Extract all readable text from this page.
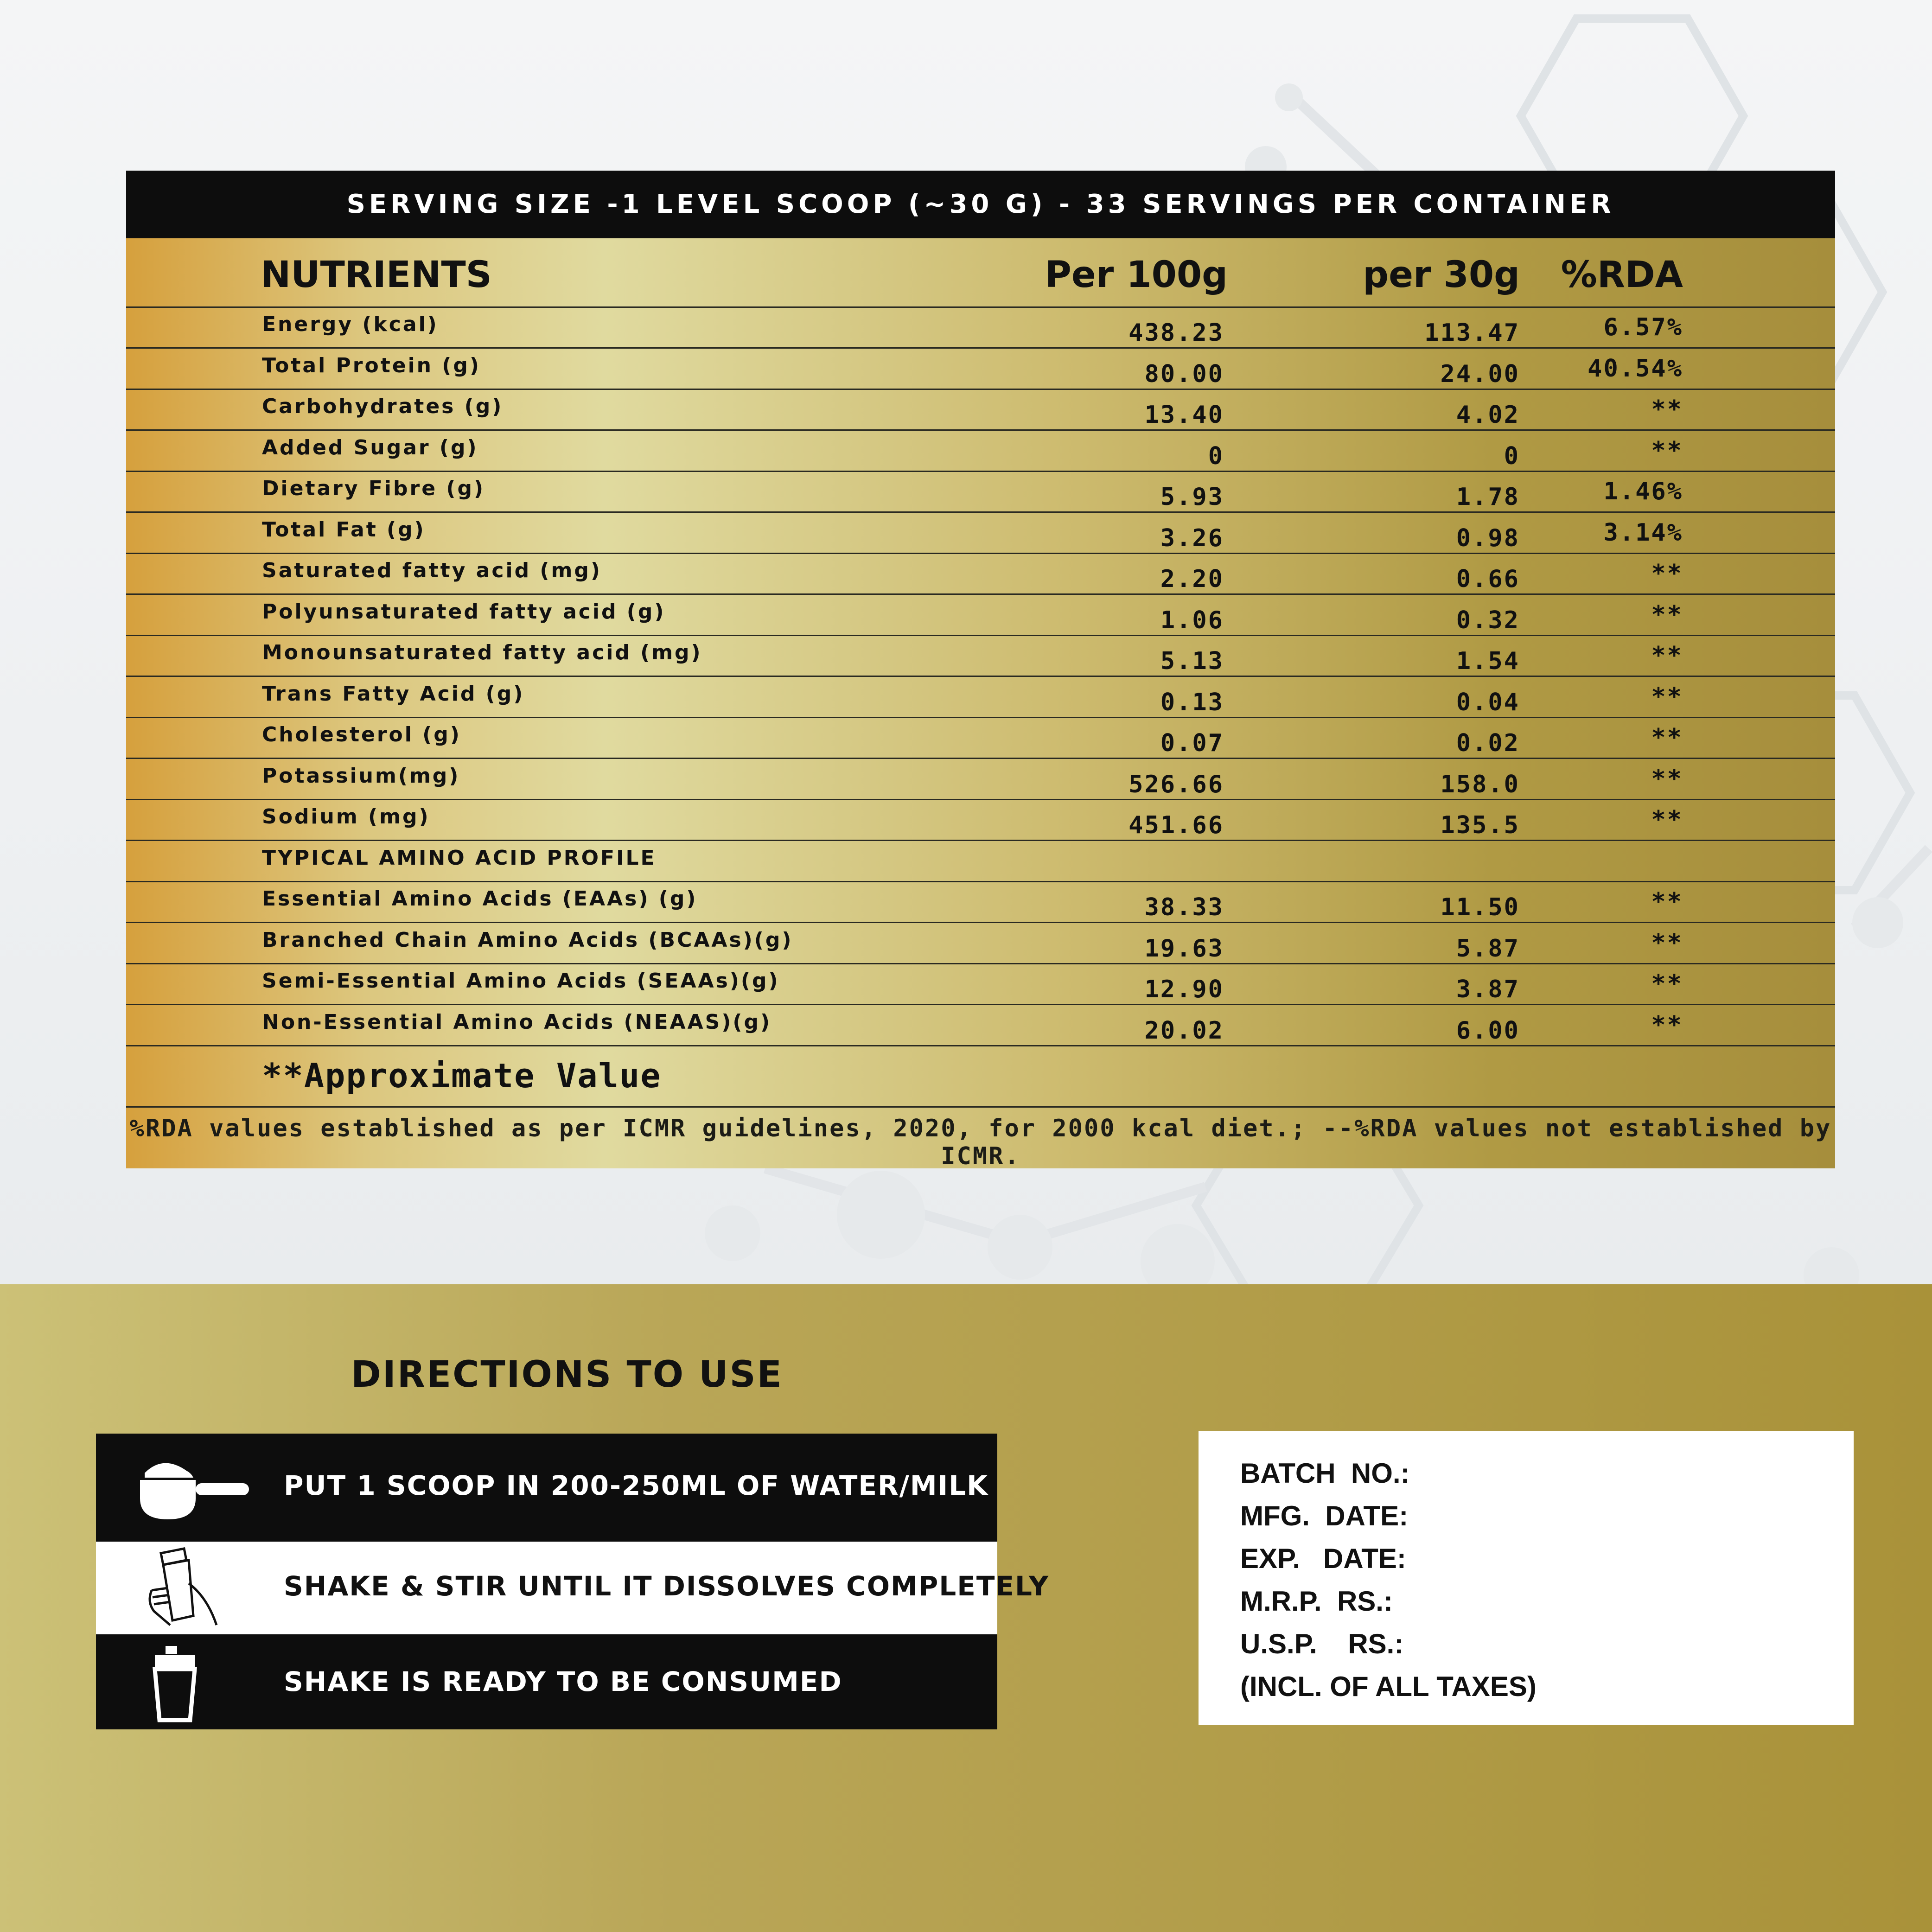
SERVING SIZE -1 LEVEL SCOOP (~30 G) - 33 SERVINGS PER CONTAINER
NUTRIENTS	Per 100g	per 30g %RDA
Energy (kcal)	438.23	113.47	6.57%
Total Protein (g)	80.00	24.00	40.54%
Carbohydrates (g)	13.40	4.02	**
Added Sugar (g)	0	0	**
Dietary Fibre (g)	5.93	1.78	1.46%
Total Fat (g)	3.26	0.98	3.14%
Saturated fatty acid (mg)	2.20	0.66	**
Polyunsaturated fatty acid (g)	1.06	0.32	**
Monounsaturated fatty acid (mg)	5.13	1.54	**
Trans Fatty Acid (g)	0.13	0.04	**
Cholesterol (g)	0.07	0.02	**
Potassium(mg)	526.66	158.0	**
Sodium (mg)	451.66	135.5	**
TYPICAL AMINO ACID PROFILE
Essential Amino Acids (EAAs) (g)	38.33	11.50	**
Branched Chain Amino Acids (BCAAs)(g)	19.63	5.87	**
Semi-Essential Amino Acids (SEAAs)(g)	12.90	3.87	**
Non-Essential Amino Acids (NEAAS)(g)	20.02	6.00	**
**Approximate Value
%RDA values established as per ICMR guidelines, 2020, for 2000 kcal diet.; --%RDA values not established by ICMR.
DIRECTIONS TO USE
PUT 1 SCOOP IN 200-250ML OF WATER/MILK
SHAKE & STIR UNTIL IT DISSOLVES COMPLETELY
SHAKE IS READY TO BE CONSUMED
BATCH  NO.:
MFG.  DATE:
EXP.   DATE:
M.R.P.  RS.:
U.S.P.    RS.:
(INCL. OF ALL TAXES)
